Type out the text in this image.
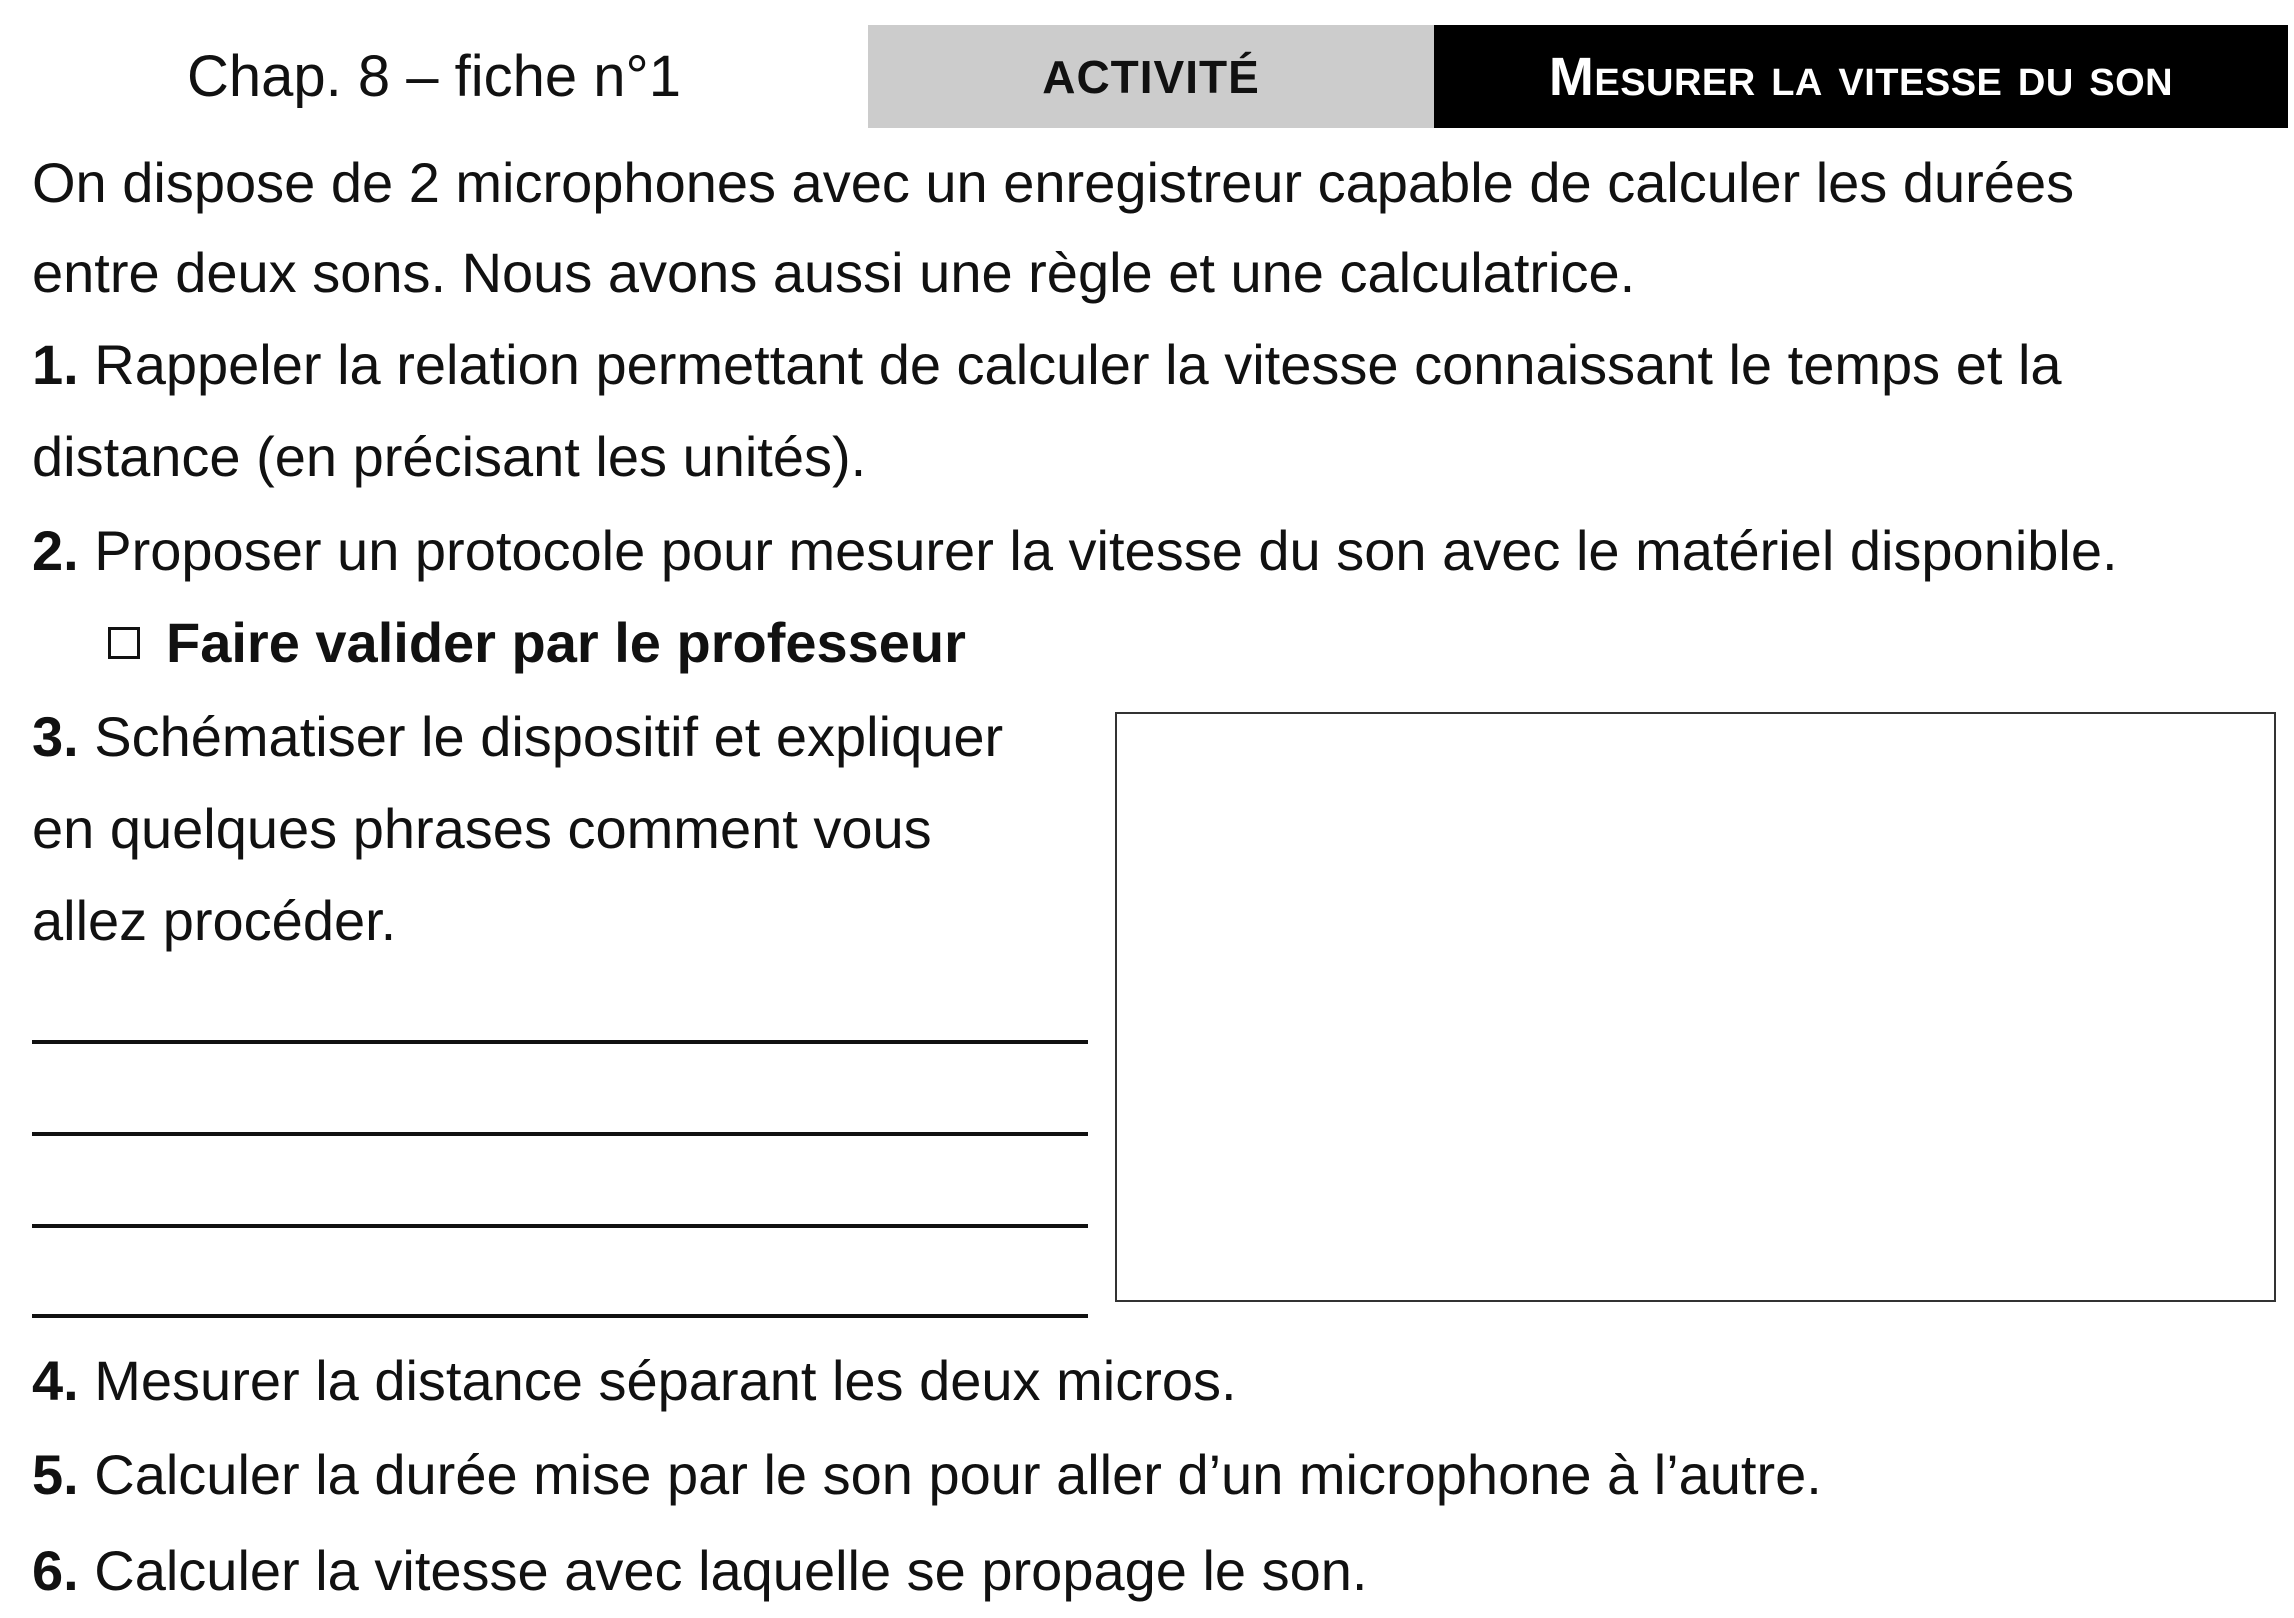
Chap. 8 – fiche n°1	ACTIVITÉ	Mesurer la vitesse du son
On dispose de 2 microphones avec un enregistreur capable de calculer les durées
entre deux sons. Nous avons aussi une règle et une calculatrice.
1. Rappeler la relation permettant de calculer la vitesse connaissant le temps et la
distance (en précisant les unités).
2. Proposer un protocole pour mesurer la vitesse du son avec le matériel disponible.
Faire valider par le professeur
3. Schématiser le dispositif et expliquer
en quelques phrases comment vous
allez procéder.
4. Mesurer la distance séparant les deux micros.
5. Calculer la durée mise par le son pour aller d’un microphone à l’autre.
6. Calculer la vitesse avec laquelle se propage le son.
